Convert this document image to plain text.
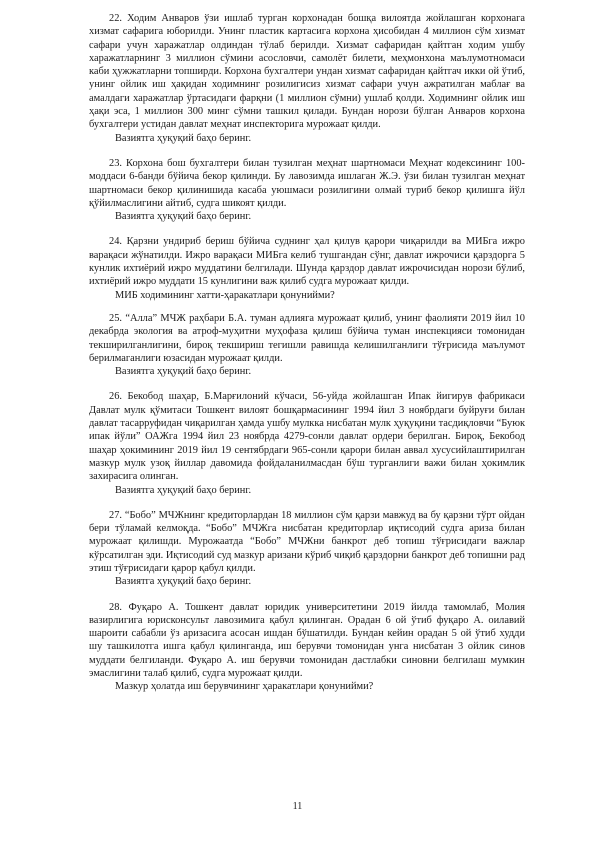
22. Ходим Анваров ўзи ишлаб турган корхонадан бошқа вилоятда жойлашган корхонага хизмат сафарига юборилди. Унинг пластик картасига корхона ҳисобидан 4 миллион сўм хизмат сафари учун харажатлар олдиндан тўлаб берилди. Хизмат сафаридан қайтган ходим ушбу харажатларнинг 3 миллион сўмини асословчи, самолёт билети, меҳмонхона маълумотномаси каби ҳужжатларни топширди. Корхона бухгалтери ундан хизмат сафаридан қайтгач икки ой ўтиб, унинг ойлик иш ҳақидан ходимнинг розилигисиз хизмат сафари учун ажратилган маблағ ва амалдаги харажатлар ўртасидаги фарқни (1 миллион сўмни) ушлаб қолди. Ходимнинг ойлик иш ҳақи эса, 1 миллион 300 минг сўмни ташкил қилади. Бундан норози бўлган Анваров корхона бухгалтери устидан давлат меҳнат инспекторига мурожаат қилди.

Вазиятга ҳуқуқий баҳо беринг.

23. Корхона бош бухгалтери билан тузилган меҳнат шартномаси Меҳнат кодексининг 100-моддаси 6-банди бўйича бекор қилинди. Бу лавозимда ишлаган Ж.Э. ўзи билан тузилган меҳнат шартномаси бекор қилинишида касаба уюшмаси розилигини олмай туриб бекор қилишга йўл қўйилмаслигини айтиб, судга шикоят қилди.

Вазиятга ҳуқуқий баҳо беринг.

24. Қарзни ундириб бериш бўйича суднинг ҳал қилув қарори чиқарилди ва МИБга ижро варақаси жўнатилди. Ижро варақаси МИБга келиб тушгандан сўнг, давлат ижрочиси қарздорга 5 кунлик ихтиёрий ижро муддатини белгилади. Шунда қарздор давлат ижрочисидан норози бўлиб, ихтиёрий ижро муддати 15 кунлигини важ қилиб судга мурожаат қилди.

МИБ ходимининг хатти-ҳаракатлари қонунийми?

25. “Алла” МЧЖ раҳбари Б.А. туман адлияга мурожаат қилиб, унинг фаолияти 2019 йил 10 декабрда экология ва атроф-муҳитни муҳофаза қилиш бўйича туман инспекцияси томонидан текширилганлигини, бироқ текшириш тегишли равишда келишилганлиги тўғрисида маълумот берилмаганлиги юзасидан мурожаат қилди.

Вазиятга ҳуқуқий баҳо беринг.

26. Бекобод шаҳар, Б.Марғилоний кўчаси, 56-уйда жойлашган Ипак йигирув фабрикаси Давлат мулк қўмитаси Тошкент вилоят бошқармасининг 1994 йил 3 ноябрдаги буйруғи билан давлат тасарруфидан чиқарилган ҳамда ушбу мулкка нисбатан мулк ҳуқуқини тасдиқловчи “Буюк ипак йўли” ОАЖга 1994 йил 23 ноябрда 4279-сонли давлат ордери берилган. Бироқ, Бекобод шаҳар ҳокимининг 2019 йил 19 сентябрдаги 965-сонли қарори билан аввал хусусийлаштирилган мазкур мулк узоқ йиллар давомида фойдаланилмасдан бўш турганлиги важи билан ҳокимлик захирасига олинган.

Вазиятга ҳуқуқий баҳо беринг.

27. “Бобо” МЧЖнинг кредиторлардан 18 миллион сўм қарзи мавжуд ва бу қарзни тўрт ойдан бери тўламай келмоқда. “Бобо” МЧЖга нисбатан кредиторлар иқтисодий судга ариза билан мурожаат қилишди. Мурожаатда “Бобо” МЧЖни банкрот деб топиш тўғрисидаги важлар кўрсатилган эди. Иқтисодий суд мазкур аризани кўриб чиқиб қарздорни банкрот деб топишни рад этиш тўғрисидаги қарор қабул қилди.

Вазиятга ҳуқуқий баҳо беринг.

28. Фуқаро А. Тошкент давлат юридик университетини 2019 йилда тамомлаб, Молия вазирлигига юрисконсульт лавозимига қабул қилинган. Орадан 6 ой ўтиб фуқаро А. оилавий шароити сабабли ўз аризасига асосан ишдан бўшатилди. Бундан кейин орадан 5 ой ўтиб худди шу ташкилотга ишга қабул қилинганда, иш берувчи томонидан унга нисбатан 3 ойлик синов муддати белгиланди. Фуқаро А. иш берувчи томонидан дастлабки синовни белгилаш мумкин эмаслигини талаб қилиб, судга мурожаат қилди.

Мазкур ҳолатда иш берувчининг ҳаракатлари қонунийми?

11
